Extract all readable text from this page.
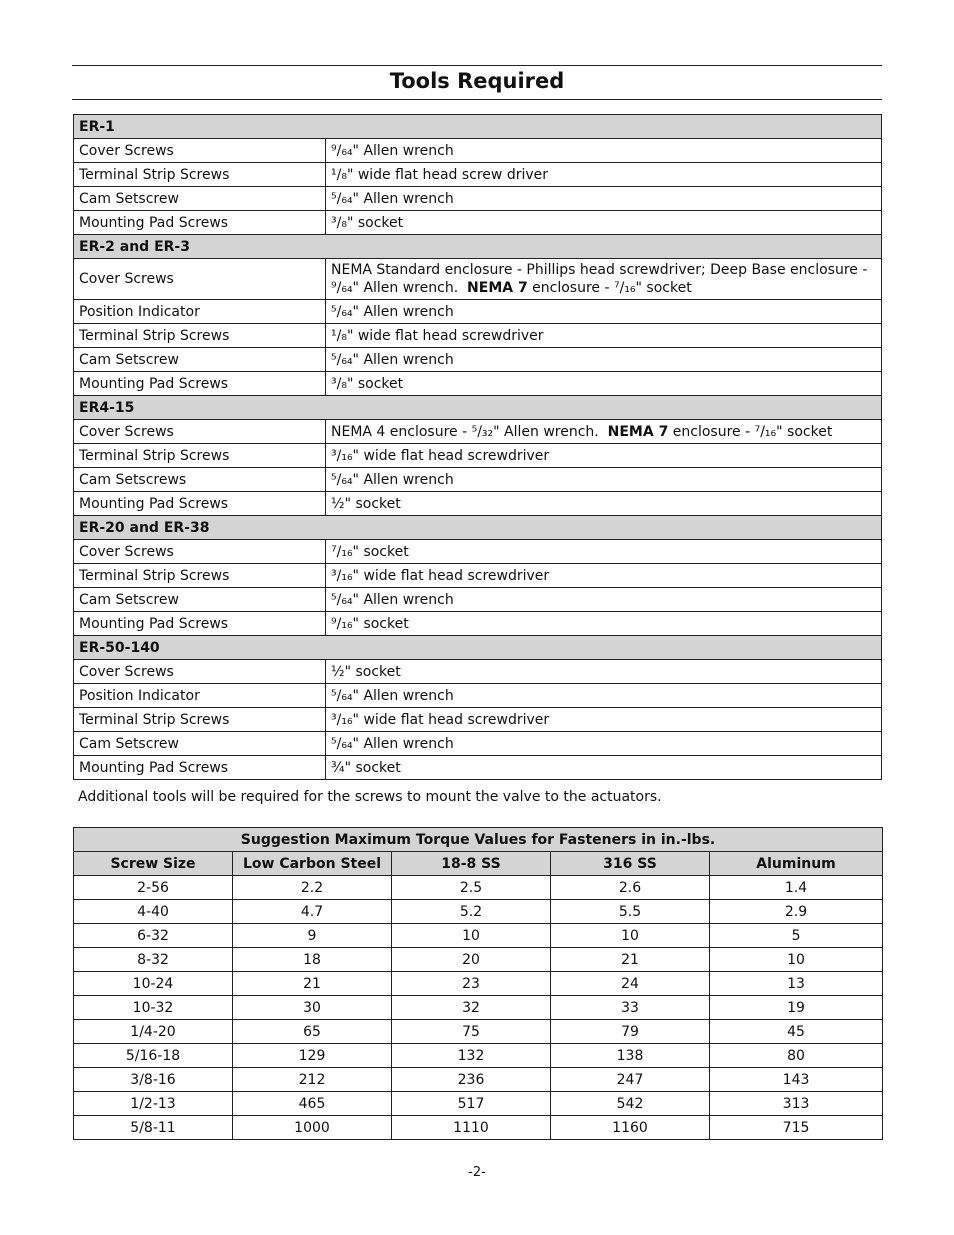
Tools Required
ER-1	
Cover Screws	⁹/₆₄" Allen wrench
Terminal Strip Screws	¹/₈" wide flat head screw driver
Cam Setscrew	⁵/₆₄" Allen wrench
Mounting Pad Screws	³/₈" socket
ER-2 and ER-3	
Cover Screws	NEMA Standard enclosure - Phillips head screwdriver; Deep Base enclosure -
⁹/₆₄" Allen wrench.  NEMA 7 enclosure - ⁷/₁₆" socket

Position Indicator	⁵/₆₄" Allen wrench
Terminal Strip Screws	¹/₈" wide flat head screwdriver
Cam Setscrew	⁵/₆₄" Allen wrench
Mounting Pad Screws	³/₈" socket
ER4-15	
Cover Screws	NEMA 4 enclosure - ⁵/₃₂" Allen wrench.  NEMA 7 enclosure - ⁷/₁₆" socket
Terminal Strip Screws	³/₁₆" wide flat head screwdriver
Cam Setscrews	⁵/₆₄" Allen wrench
Mounting Pad Screws	½" socket
ER-20 and ER-38	
Cover Screws	⁷/₁₆" socket
Terminal Strip Screws	³/₁₆" wide flat head screwdriver
Cam Setscrew	⁵/₆₄" Allen wrench
Mounting Pad Screws	⁹/₁₆" socket
ER-50-140	
Cover Screws	½" socket
Position Indicator	⁵/₆₄" Allen wrench
Terminal Strip Screws	³/₁₆" wide flat head screwdriver
Cam Setscrew	⁵/₆₄" Allen wrench
Mounting Pad Screws	¾" socket
Additional tools will be required for the screws to mount the valve to the actuators.
Suggestion Maximum Torque Values for Fasteners in in.-lbs.				
Screw Size	Low Carbon Steel	18-8 SS	316 SS	Aluminum
2-56	2.2	2.5	2.6	1.4
4-40	4.7	5.2	5.5	2.9
6-32	9	10	10	5
8-32	18	20	21	10
10-24	21	23	24	13
10-32	30	32	33	19
1/4-20	65	75	79	45
5/16-18	129	132	138	80
3/8-16	212	236	247	143
1/2-13	465	517	542	313
5/8-11	1000	1110	1160	715
-2-
